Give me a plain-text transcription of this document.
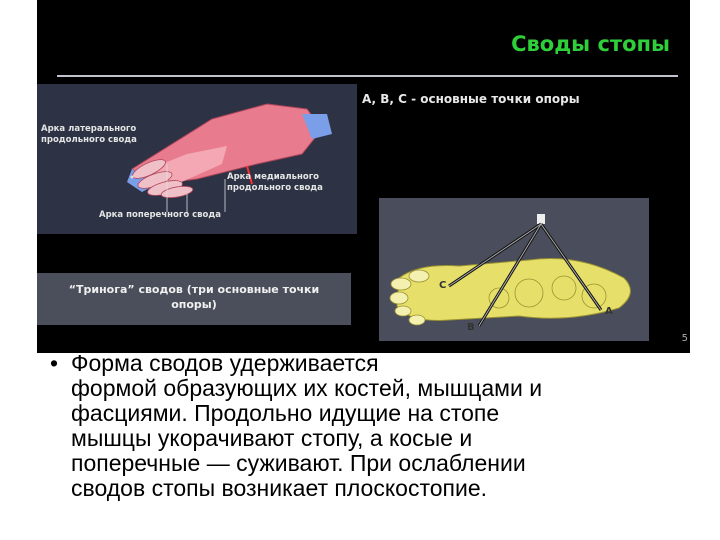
Своды стопы
Арка латерального
продольного свода
Арка медиального
продольного свода
Арка поперечного свода
A, B, C - основные точки опоры
C
B
A
“Тринога” сводов (три основные точки
опоры)
5
• Форма сводов удерживается
формой образующих их костей, мышцами и
фасциями. Продольно идущие на стопе
мышцы укорачивают стопу, а косые и
поперечные — суживают. При ослаблении
сводов стопы возникает плоскостопие.
